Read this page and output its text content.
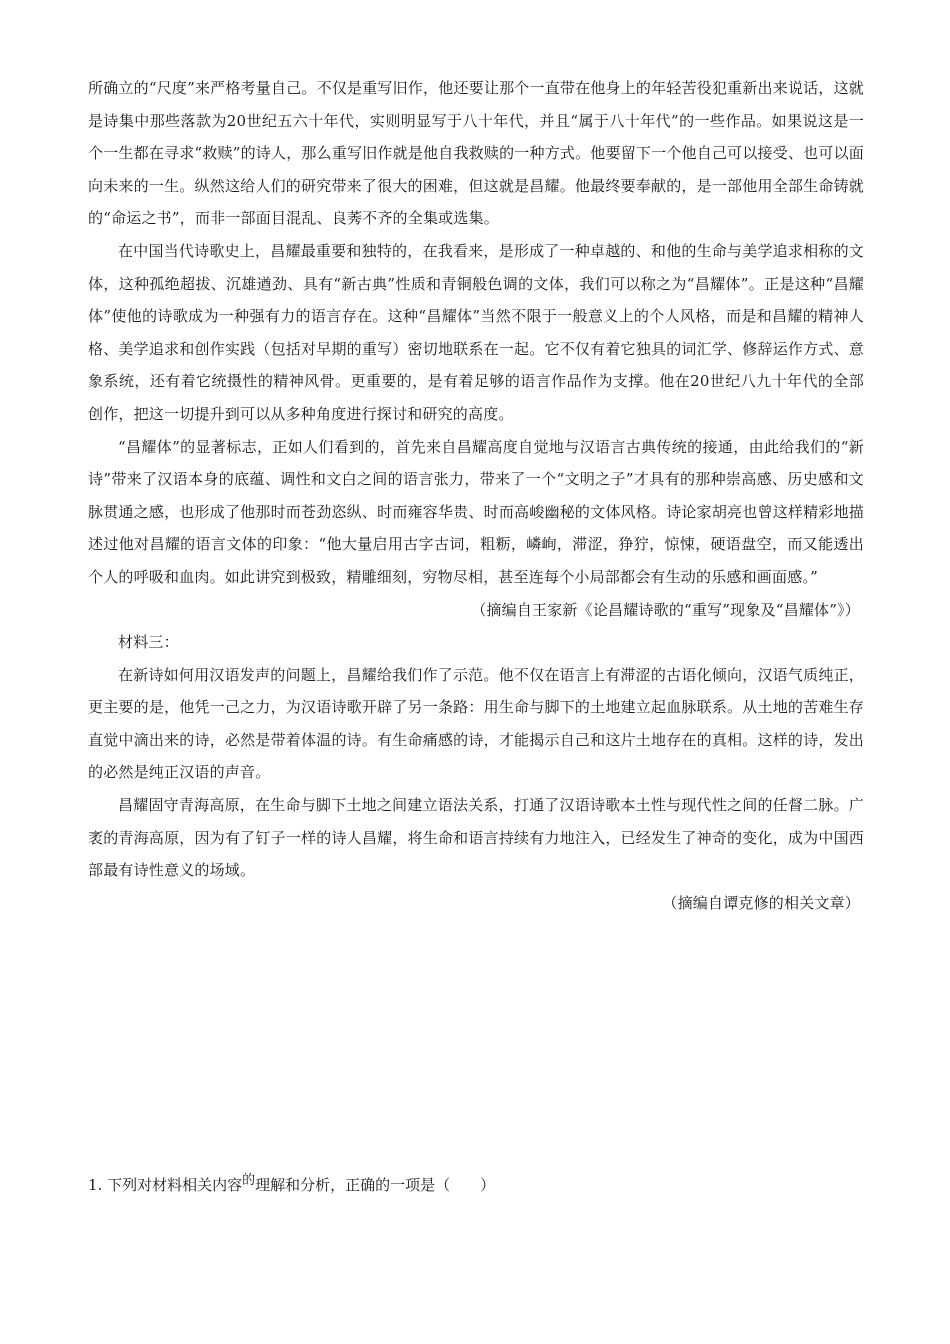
所确立的“尺度”来严格考量自己。不仅是重写旧作，他还要让那个一直带在他身上的年轻苦役犯重新出来说话，这就是诗集中那些落款为20世纪五六十年代，实则明显写于八十年代，并且“属于八十年代”的一些作品。如果说这是一个一生都在寻求“救赎”的诗人，那么重写旧作就是他自我救赎的一种方式。他要留下一个他自己可以接受、也可以面向未来的一生。纵然这给人们的研究带来了很大的困难，但这就是昌耀。他最终要奉献的，是一部他用全部生命铸就的“命运之书”，而非一部面目混乱、良莠不齐的全集或选集。

在中国当代诗歌史上，昌耀最重要和独特的，在我看来，是形成了一种卓越的、和他的生命与美学追求相称的文体，这种孤绝超拔、沉雄遒劲、具有“新古典”性质和青铜般色调的文体，我们可以称之为“昌耀体”。正是这种“昌耀体”使他的诗歌成为一种强有力的语言存在。这种“昌耀体”当然不限于一般意义上的个人风格，而是和昌耀的精神人格、美学追求和创作实践（包括对早期的重写）密切地联系在一起。它不仅有着它独具的词汇学、修辞运作方式、意象系统，还有着它统摄性的精神风骨。更重要的，是有着足够的语言作品作为支撑。他在20世纪八九十年代的全部创作，把这一切提升到可以从多种角度进行探讨和研究的高度。

“昌耀体”的显著标志，正如人们看到的，首先来自昌耀高度自觉地与汉语言古典传统的接通，由此给我们的“新诗”带来了汉语本身的底蕴、调性和文白之间的语言张力，带来了一个“文明之子”才具有的那种崇高感、历史感和文脉贯通之感，也形成了他那时而苍劲恣纵、时而雍容华贵、时而高峻幽秘的文体风格。诗论家胡亮也曾这样精彩地描述过他对昌耀的语言文体的印象：“他大量启用古字古词，粗粝，嶙峋，滞涩，狰狞，惊悚，硬语盘空，而又能透出个人的呼吸和血肉。如此讲究到极致，精雕细刻，穷物尽相，甚至连每个小局部都会有生动的乐感和画面感。”

（摘编自王家新《论昌耀诗歌的“重写”现象及“昌耀体”》）

材料三：

在新诗如何用汉语发声的问题上，昌耀给我们作了示范。他不仅在语言上有滞涩的古语化倾向，汉语气质纯正，更主要的是，他凭一己之力，为汉语诗歌开辟了另一条路：用生命与脚下的土地建立起血脉联系。从土地的苦难生存直觉中滴出来的诗，必然是带着体温的诗。有生命痛感的诗，才能揭示自己和这片土地存在的真相。这样的诗，发出的必然是纯正汉语的声音。

昌耀固守青海高原，在生命与脚下土地之间建立语法关系，打通了汉语诗歌本土性与现代性之间的任督二脉。广袤的青海高原，因为有了钉子一样的诗人昌耀，将生命和语言持续有力地注入，已经发生了神奇的变化，成为中国西部最有诗性意义的场域。

（摘编自谭克修的相关文章）

1. 下列对材料相关内容的理解和分析，正确的一项是（　　）
